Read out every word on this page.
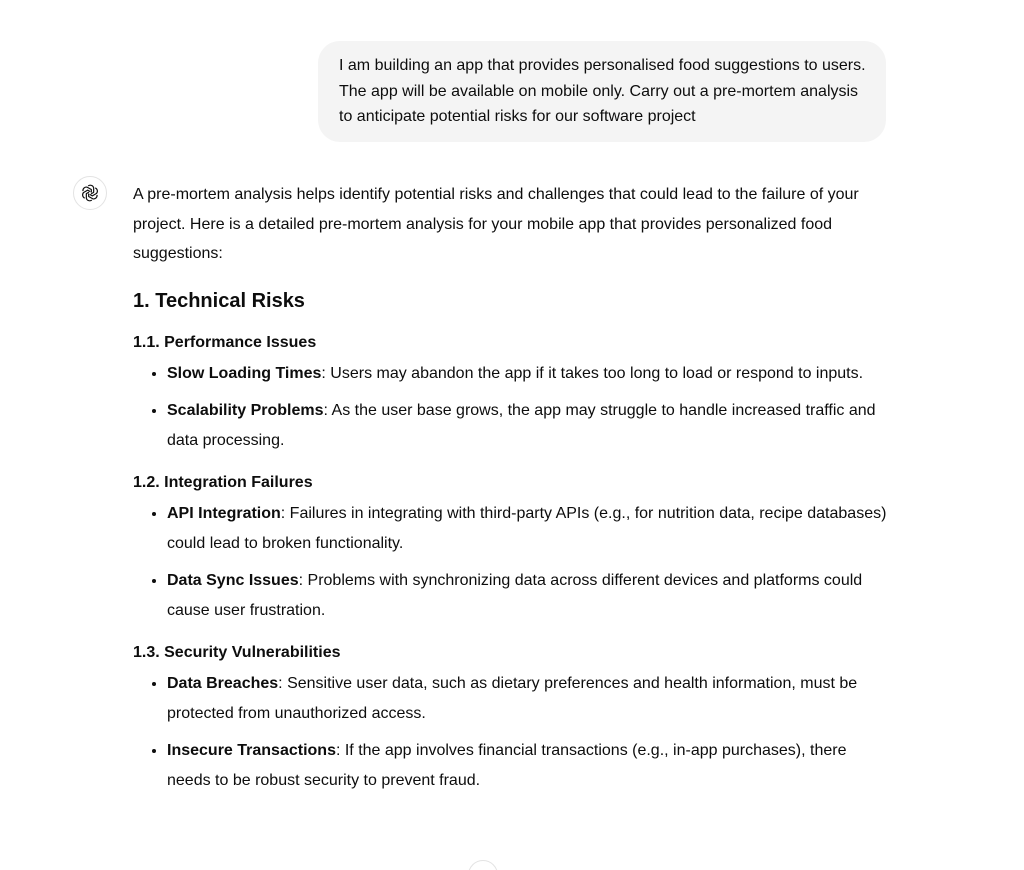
I am building an app that provides personalised food suggestions to users. The app will be available on mobile only. Carry out a pre-mortem analysis to anticipate potential risks for our software project

A pre-mortem analysis helps identify potential risks and challenges that could lead to the failure of your project. Here is a detailed pre-mortem analysis for your mobile app that provides personalized food suggestions:

1. Technical Risks
1.1. Performance Issues
• Slow Loading Times: Users may abandon the app if it takes too long to load or respond to inputs.
• Scalability Problems: As the user base grows, the app may struggle to handle increased traffic and data processing.
1.2. Integration Failures
• API Integration: Failures in integrating with third-party APIs (e.g., for nutrition data, recipe databases) could lead to broken functionality.
• Data Sync Issues: Problems with synchronizing data across different devices and platforms could cause user frustration.
1.3. Security Vulnerabilities
• Data Breaches: Sensitive user data, such as dietary preferences and health information, must be protected from unauthorized access.
• Insecure Transactions: If the app involves financial transactions (e.g., in-app purchases), there needs to be robust security to prevent fraud.
